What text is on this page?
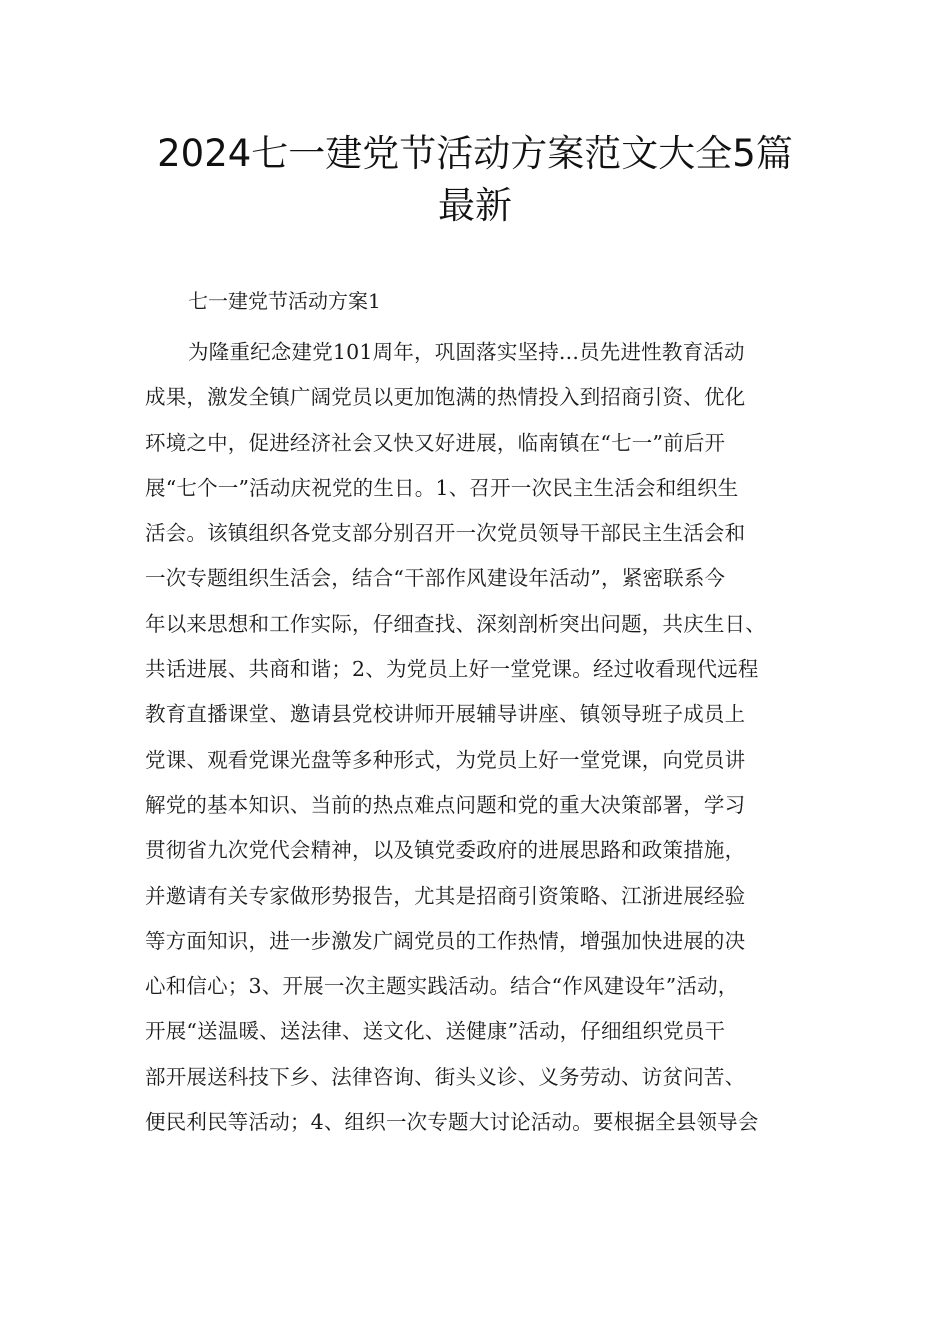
2024七一建党节活动方案范文大全5篇
最新
七一建党节活动方案1
为隆重纪念建党101周年，巩固落实坚持...员先进性教育活动
成果，激发全镇广阔党员以更加饱满的热情投入到招商引资、优化
环境之中，促进经济社会又快又好进展，临南镇在“七一”前后开
展“七个一”活动庆祝党的生日。1、召开一次民主生活会和组织生
活会。该镇组织各党支部分别召开一次党员领导干部民主生活会和
一次专题组织生活会，结合“干部作风建设年活动”，紧密联系今
年以来思想和工作实际，仔细查找、深刻剖析突出问题，共庆生日、
共话进展、共商和谐；2、为党员上好一堂党课。经过收看现代远程
教育直播课堂、邀请县党校讲师开展辅导讲座、镇领导班子成员上
党课、观看党课光盘等多种形式，为党员上好一堂党课，向党员讲
解党的基本知识、当前的热点难点问题和党的重大决策部署，学习
贯彻省九次党代会精神，以及镇党委政府的进展思路和政策措施，
并邀请有关专家做形势报告，尤其是招商引资策略、江浙进展经验
等方面知识，进一步激发广阔党员的工作热情，增强加快进展的决
心和信心；3、开展一次主题实践活动。结合“作风建设年”活动，
开展“送温暖、送法律、送文化、送健康”活动，仔细组织党员干
部开展送科技下乡、法律咨询、街头义诊、义务劳动、访贫问苦、
便民利民等活动；4、组织一次专题大讨论活动。要根据全县领导会
